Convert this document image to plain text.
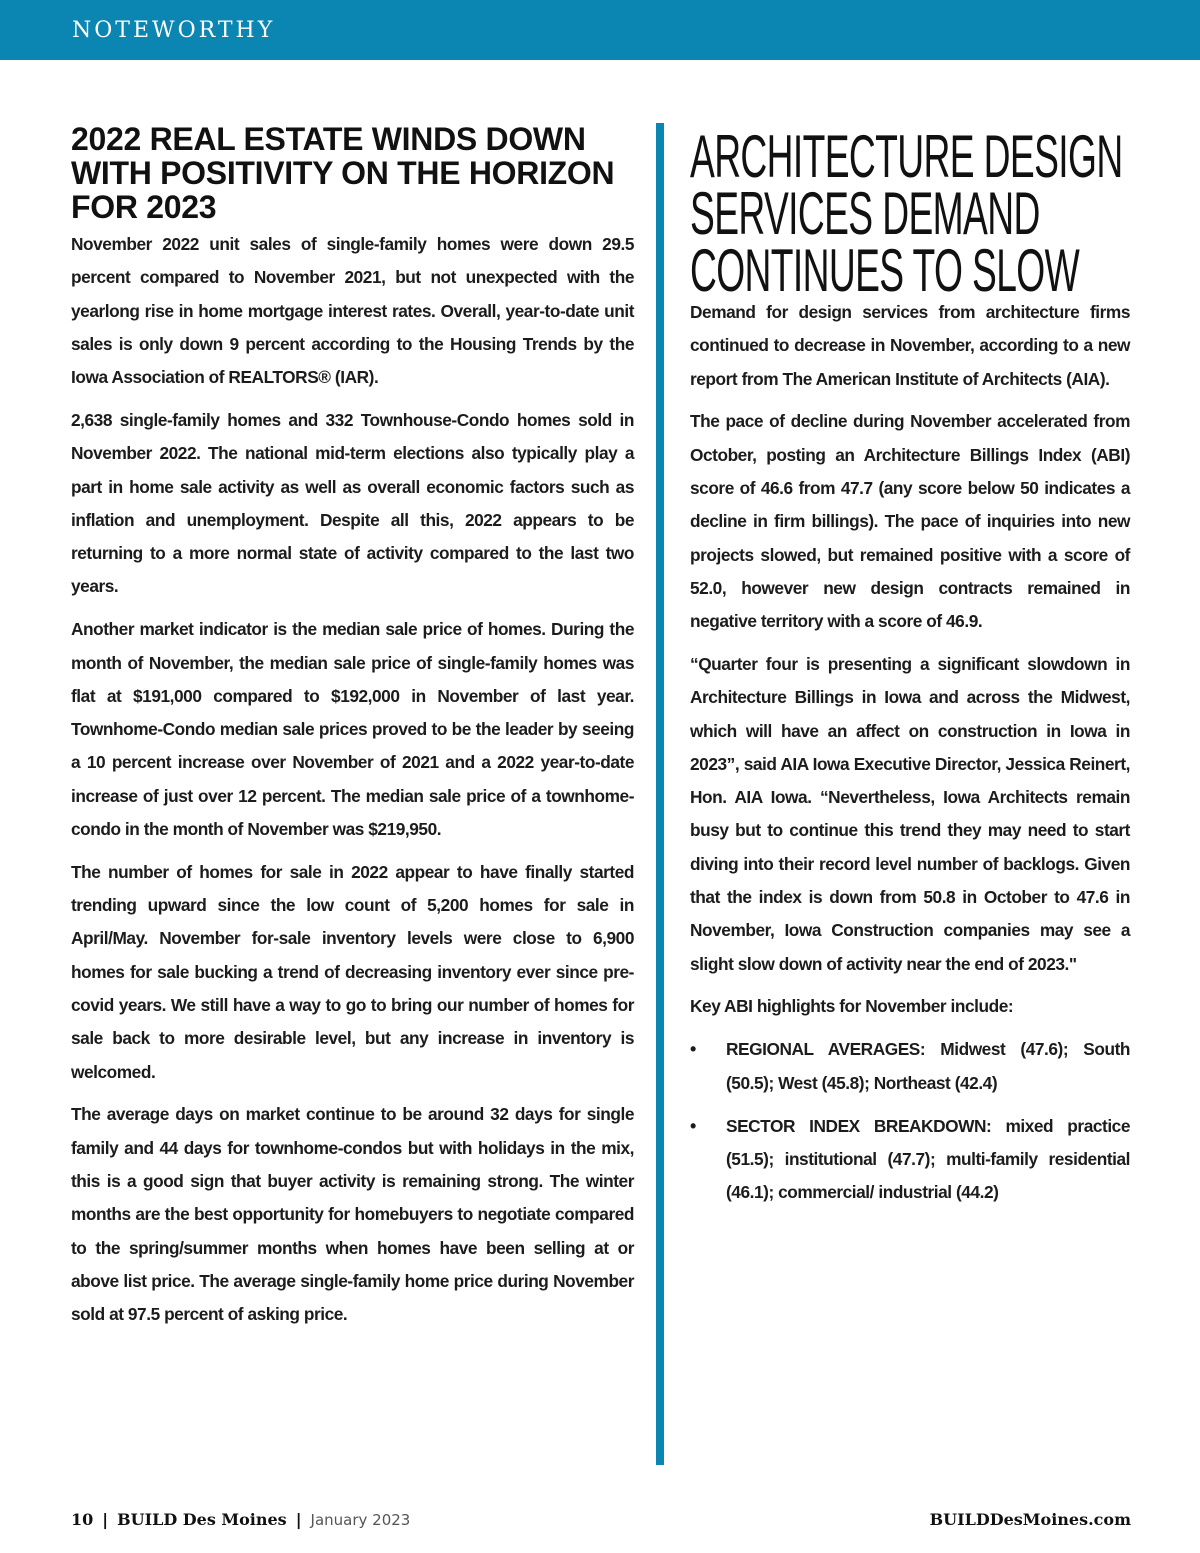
NOTEWORTHY
2022 REAL ESTATE WINDS DOWN WITH POSITIVITY ON THE HORIZON FOR 2023

November 2022 unit sales of single-family homes were down 29.5 percent compared to November 2021, but not unexpected with the yearlong rise in home mortgage interest rates. Overall, year-to-date unit sales is only down 9 percent according to the Housing Trends by the Iowa Association of REALTORS® (IAR).

2,638 single-family homes and 332 Townhouse-Condo homes sold in November 2022. The national mid-term elections also typically play a part in home sale activity as well as overall economic factors such as inflation and unemployment. Despite all this, 2022 appears to be returning to a more normal state of activity compared to the last two years.

Another market indicator is the median sale price of homes. During the month of November, the median sale price of single-family homes was flat at $191,000 compared to $192,000 in November of last year. Townhome-Condo median sale prices proved to be the leader by seeing a 10 percent increase over November of 2021 and a 2022 year-to-date increase of just over 12 percent. The median sale price of a townhome-condo in the month of November was $219,950.

The number of homes for sale in 2022 appear to have finally started trending upward since the low count of 5,200 homes for sale in April/May. November for-sale inventory levels were close to 6,900 homes for sale bucking a trend of decreasing inventory ever since pre-covid years. We still have a way to go to bring our number of homes for sale back to more desirable level, but any increase in inventory is welcomed.

The average days on market continue to be around 32 days for single family and 44 days for townhome-condos but with holidays in the mix, this is a good sign that buyer activity is remaining strong. The winter months are the best opportunity for homebuyers to negotiate compared to the spring/summer months when homes have been selling at or above list price. The average single-family home price during November sold at 97.5 percent of asking price.

ARCHITECTURE DESIGN SERVICES DEMAND CONTINUES TO SLOW

Demand for design services from architecture firms continued to decrease in November, according to a new report from The American Institute of Architects (AIA).

The pace of decline during November accelerated from October, posting an Architecture Billings Index (ABI) score of 46.6 from 47.7 (any score below 50 indicates a decline in firm billings). The pace of inquiries into new projects slowed, but remained positive with a score of 52.0, however new design contracts remained in negative territory with a score of 46.9.

“Quarter four is presenting a significant slowdown in Architecture Billings in Iowa and across the Midwest, which will have an affect on construction in Iowa in 2023”, said AIA Iowa Executive Director, Jessica Reinert, Hon. AIA Iowa. “Nevertheless, Iowa Architects remain busy but to continue this trend they may need to start diving into their record level number of backlogs. Given that the index is down from 50.8 in October to 47.6 in November, Iowa Construction companies may see a slight slow down of activity near the end of 2023."

Key ABI highlights for November include:

• REGIONAL AVERAGES: Midwest (47.6); South (50.5); West (45.8); Northeast (42.4)
• SECTOR INDEX BREAKDOWN: mixed practice (51.5); institutional (47.7); multi-family residential (46.1); commercial/ industrial (44.2)
10 | BUILD Des Moines | January 2023	BUILDDesMoines.com
